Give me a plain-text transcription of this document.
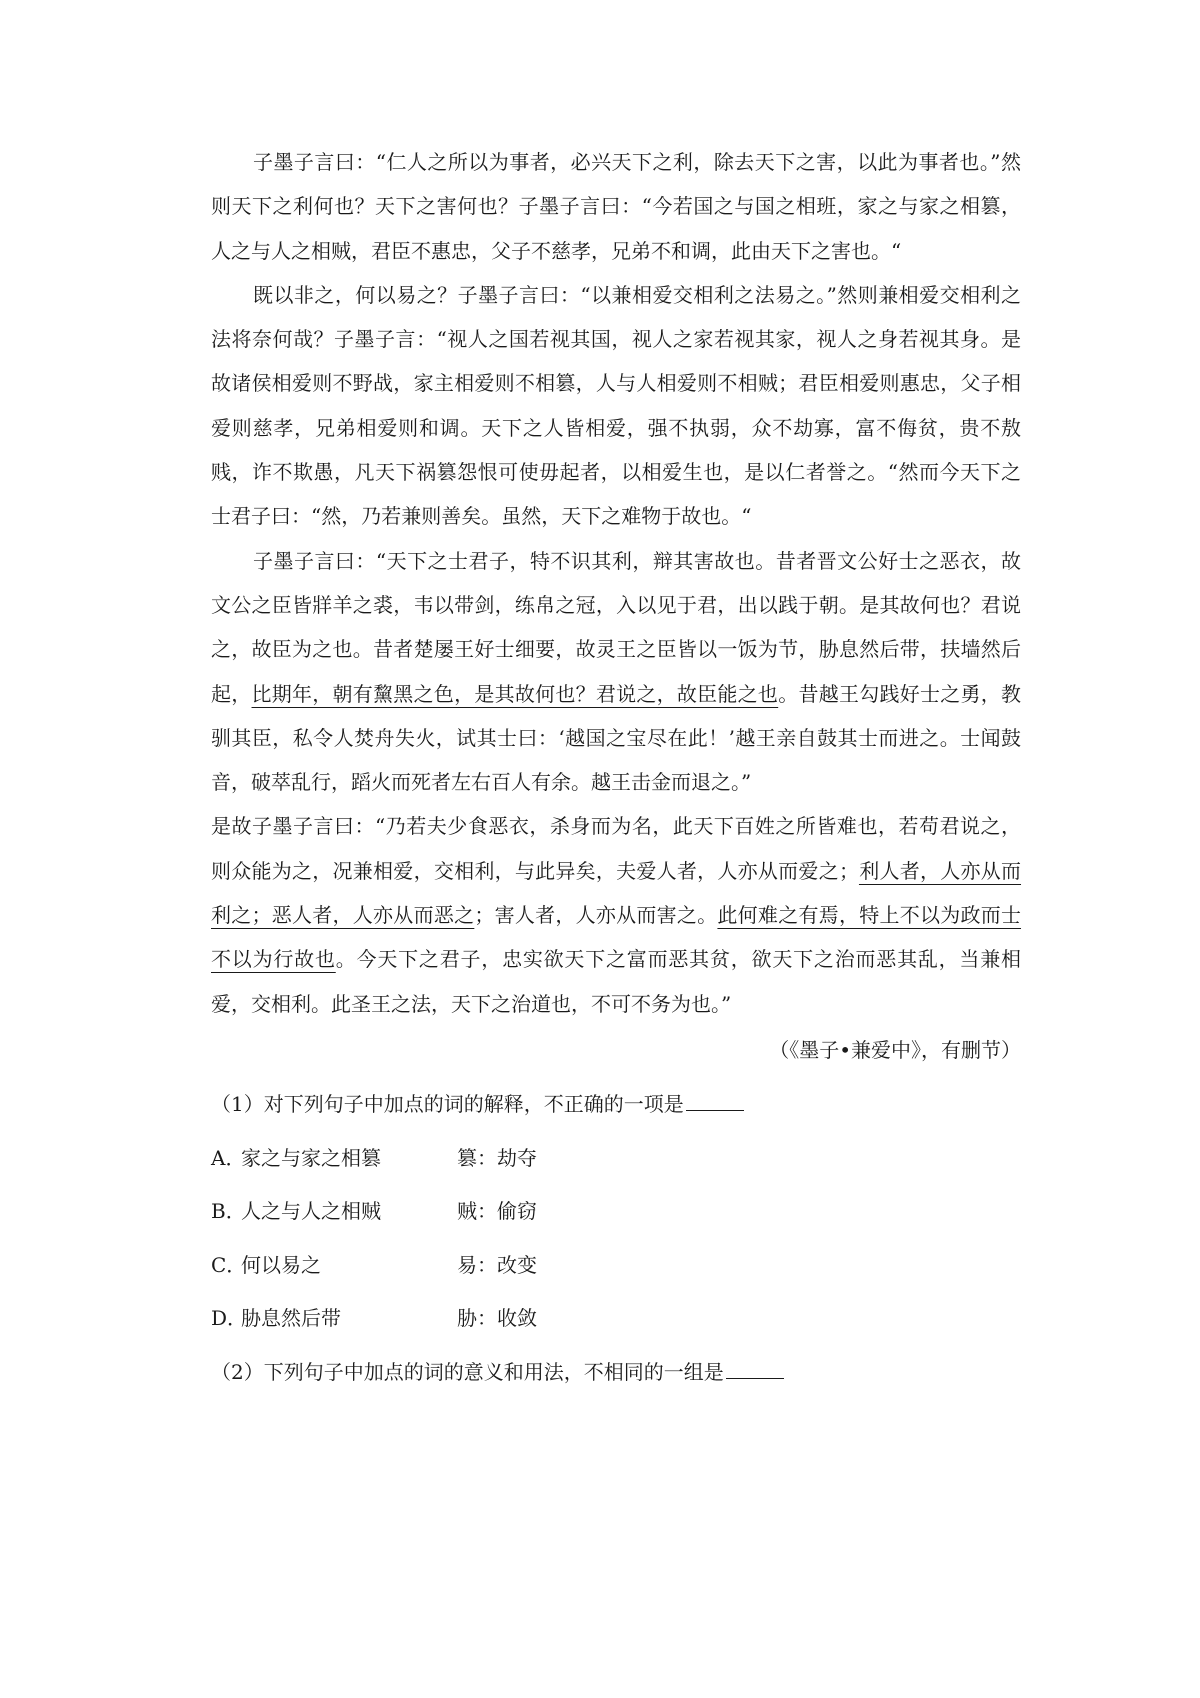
子墨子言曰：“仁人之所以为事者，必兴天下之利，除去天下之害，以此为事者也。”然则天下之利何也？天下之害何也？子墨子言曰：“今若国之与国之相班，家之与家之相篡，人之与人之相贼，君臣不惠忠，父子不慈孝，兄弟不和调，此由天下之害也。“

既以非之，何以易之？子墨子言曰：“以兼相爱交相利之法易之。”然则兼相爱交相利之法将奈何哉？子墨子言：“视人之国若视其国，视人之家若视其家，视人之身若视其身。是故诸侯相爱则不野战，家主相爱则不相篡，人与人相爱则不相贼；君臣相爱则惠忠，父子相爱则慈孝，兄弟相爱则和调。天下之人皆相爱，强不执弱，众不劫寡，富不侮贫，贵不敖贱，诈不欺愚，凡天下祸篡怨恨可使毋起者，以相爱生也，是以仁者誉之。“然而今天下之士君子曰：“然，乃若兼则善矣。虽然，天下之难物于故也。“

子墨子言曰：“天下之士君子，特不识其利，辩其害故也。昔者晋文公好士之恶衣，故文公之臣皆牂羊之裘，韦以带剑，练帛之冠，入以见于君，出以践于朝。是其故何也？君说之，故臣为之也。昔者楚屡王好士细要，故灵王之臣皆以一饭为节，胁息然后带，扶墙然后起，比期年，朝有黧黑之色，是其故何也？君说之，故臣能之也。昔越王勾践好士之勇，教驯其臣，私令人焚舟失火，试其士曰：‘越国之宝尽在此！’越王亲自鼓其士而进之。士闻鼓音，破萃乱行，蹈火而死者左右百人有余。越王击金而退之。”

是故子墨子言曰：“乃若夫少食恶衣，杀身而为名，此天下百姓之所皆难也，若苟君说之，则众能为之，况兼相爱，交相利，与此异矣，夫爱人者，人亦从而爱之；利人者，人亦从而利之；恶人者，人亦从而恶之；害人者，人亦从而害之。此何难之有焉，特上不以为政而士不以为行故也。今天下之君子，忠实欲天下之富而恶其贫，欲天下之治而恶其乱，当兼相爱，交相利。此圣王之法，天下之治道也，不可不务为也。”

（《墨子•兼爱中》，有删节）

（1）对下列句子中加点的词的解释，不正确的一项是

A．
家之与家之相篡	篡：劫夺
B．
人之与人之相贼	贼：偷窃
C．
何以易之	易：改变
D．
胁息然后带	胁：收敛

（2）下列句子中加点的词的意义和用法，不相同的一组是
